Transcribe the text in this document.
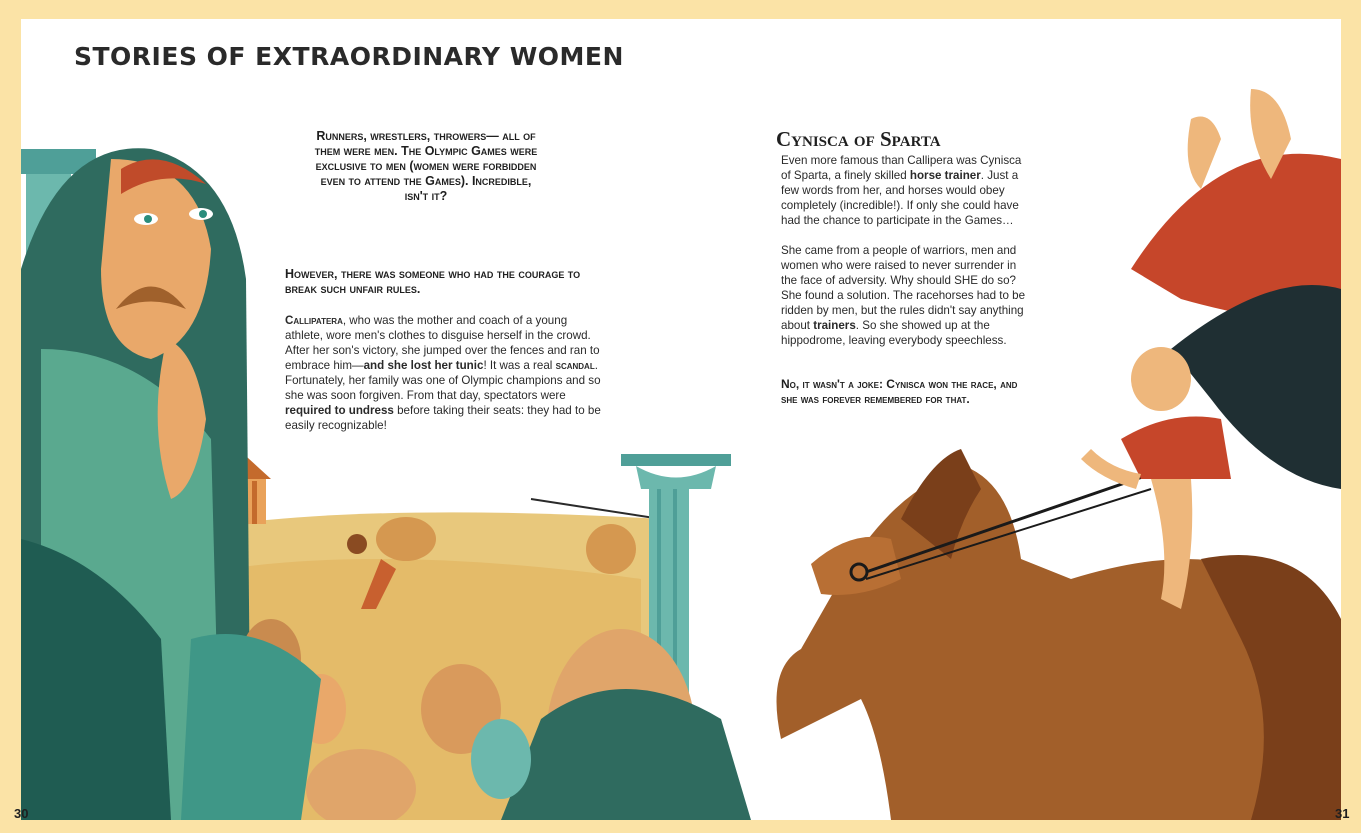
STORIES OF EXTRAORDINARY WOMEN

Runners, wrestlers, throwers— all of them were men. The Olympic Games were exclusive to men (women were forbidden even to attend the Games). Incredible, isn't it?

However, there was someone who had the courage to break such unfair rules.

Callipatera, who was the mother and coach of a young athlete, wore men's clothes to disguise herself in the crowd. After her son's victory, she jumped over the fences and ran to embrace him—and she lost her tunic! It was a real scandal. Fortunately, her family was one of Olympic champions and so she was soon forgiven. From that day, spectators were required to undress before taking their seats: they had to be easily recognizable!

Cynisca of Sparta

Even more famous than Callipera was Cynisca of Sparta, a finely skilled horse trainer. Just a few words from her, and horses would obey completely (incredible!). If only she could have had the chance to participate in the Games…

She came from a people of warriors, men and women who were raised to never surrender in the face of adversity. Why should SHE do so? She found a solution. The racehorses had to be ridden by men, but the rules didn't say anything about trainers. So she showed up at the hippodrome, leaving everybody speechless.

No, it wasn't a joke: Cynisca won the race, and she was forever remembered for that.

30	31
